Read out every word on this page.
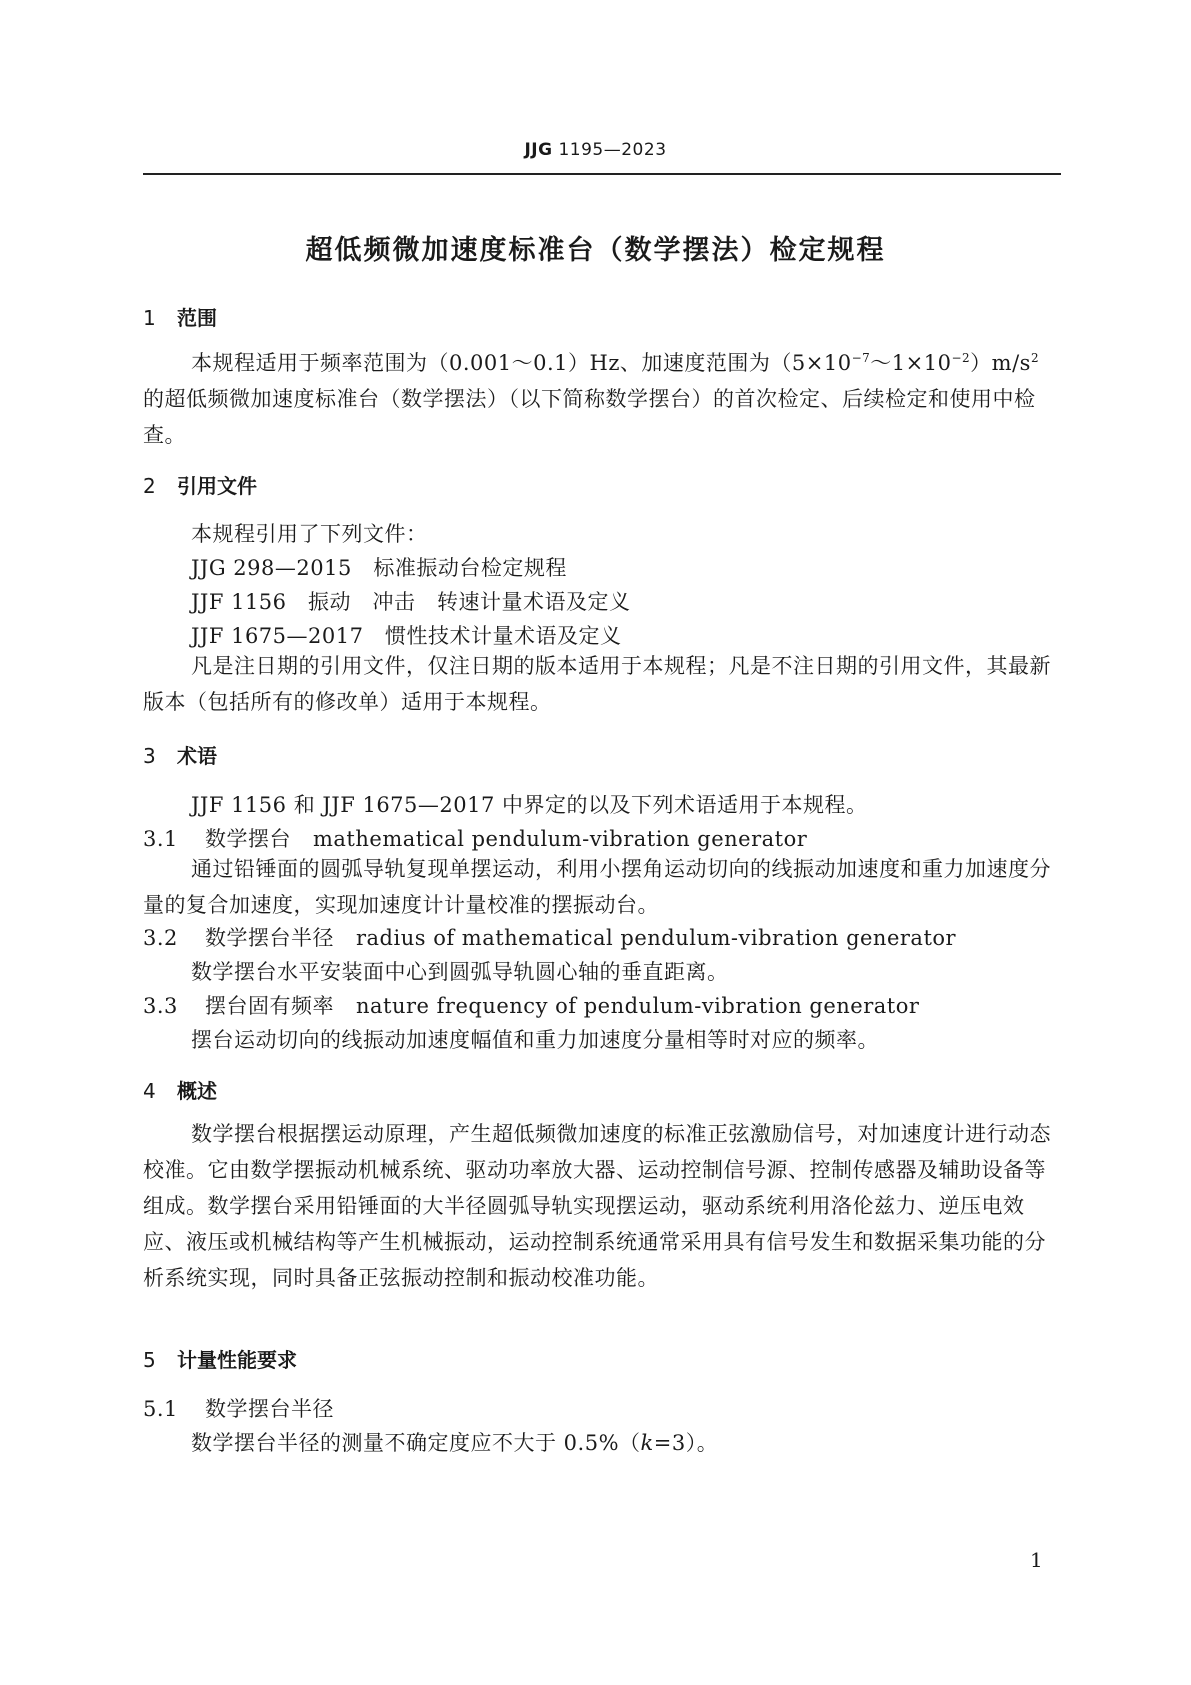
JJG 1195—2023
超低频微加速度标准台（数学摆法）检定规程
1 范围
本规程适用于频率范围为（0.001～0.1）Hz、加速度范围为$(5\times 10^{-7}\sim 1\times 10^{-2})m/s^2$ 的超低频微加速度标准台（数学摆法）（以下简称数学摆台）的首次检定、后续检定和使用中检查。
2 引用文件
本规程引用了下列文件：
JJG 298—2015　标准振动台检定规程
JJF 1156　振动　冲击　转速计量术语及定义
JJF 1675—2017　惯性技术计量术语及定义
凡是注日期的引用文件，仅注日期的版本适用于本规程；凡是不注日期的引用文件，其最新版本（包括所有的修改单）适用于本规程。
3 术语
JJF 1156 和 JJF 1675—2017 中界定的以及下列术语适用于本规程。
3.1 数学摆台 mathematical pendulum-vibration generator
通过铅锤面的圆弧导轨复现单摆运动，利用小摆角运动切向的线振动加速度和重力加速度分量的复合加速度，实现加速度计计量校准的摆振动台。
3.2 数学摆台半径 radius of mathematical pendulum-vibration generator
数学摆台水平安装面中心到圆弧导轨圆心轴的垂直距离。
3.3 摆台固有频率 nature frequency of pendulum-vibration generator
摆台运动切向的线振动加速度幅值和重力加速度分量相等时对应的频率。
4 概述
数学摆台根据摆运动原理，产生超低频微加速度的标准正弦激励信号，对加速度计进行动态校准。它由数学摆振动机械系统、驱动功率放大器、运动控制信号源、控制传感器及辅助设备等组成。数学摆台采用铅锤面的大半径圆弧导轨实现摆运动，驱动系统利用洛伦兹力、逆压电效应、液压或机械结构等产生机械振动，运动控制系统通常采用具有信号发生和数据采集功能的分析系统实现，同时具备正弦振动控制和振动校准功能。
5 计量性能要求
5.1 数学摆台半径
数学摆台半径的测量不确定度应不大于 0.5%（k=3）。
1
